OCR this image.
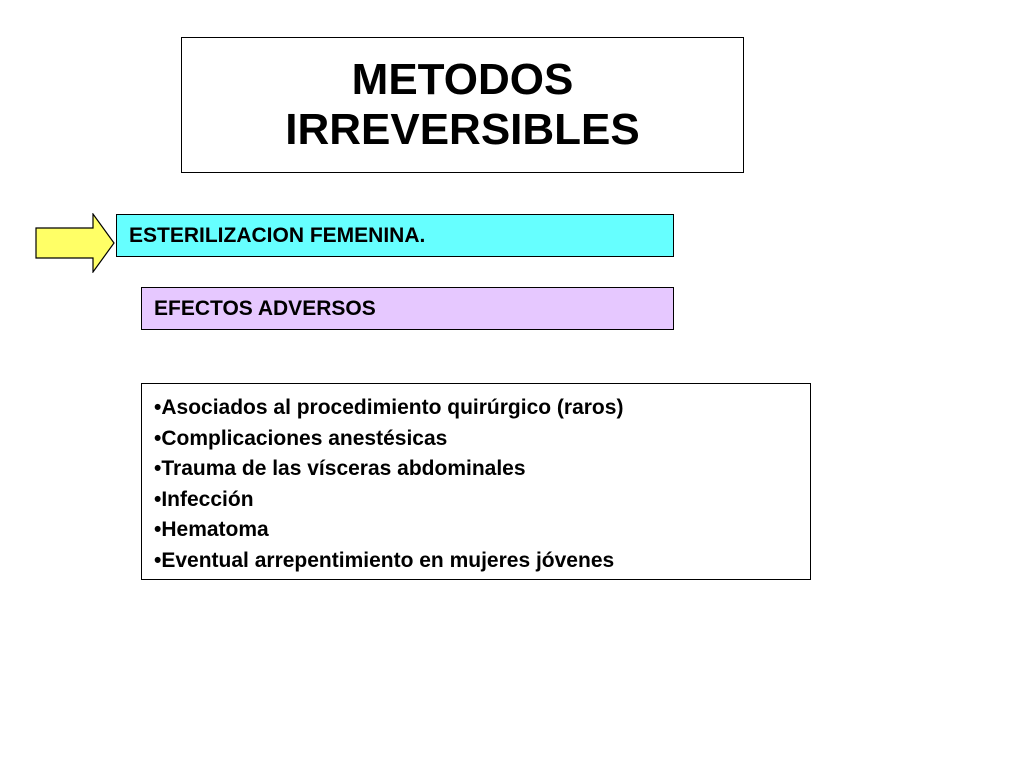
METODOS
IRREVERSIBLES
ESTERILIZACION FEMENINA.
EFECTOS ADVERSOS
•Asociados al procedimiento quirúrgico (raros)
•Complicaciones anestésicas
•Trauma de las vísceras abdominales
•Infección
•Hematoma
•Eventual arrepentimiento en mujeres jóvenes
